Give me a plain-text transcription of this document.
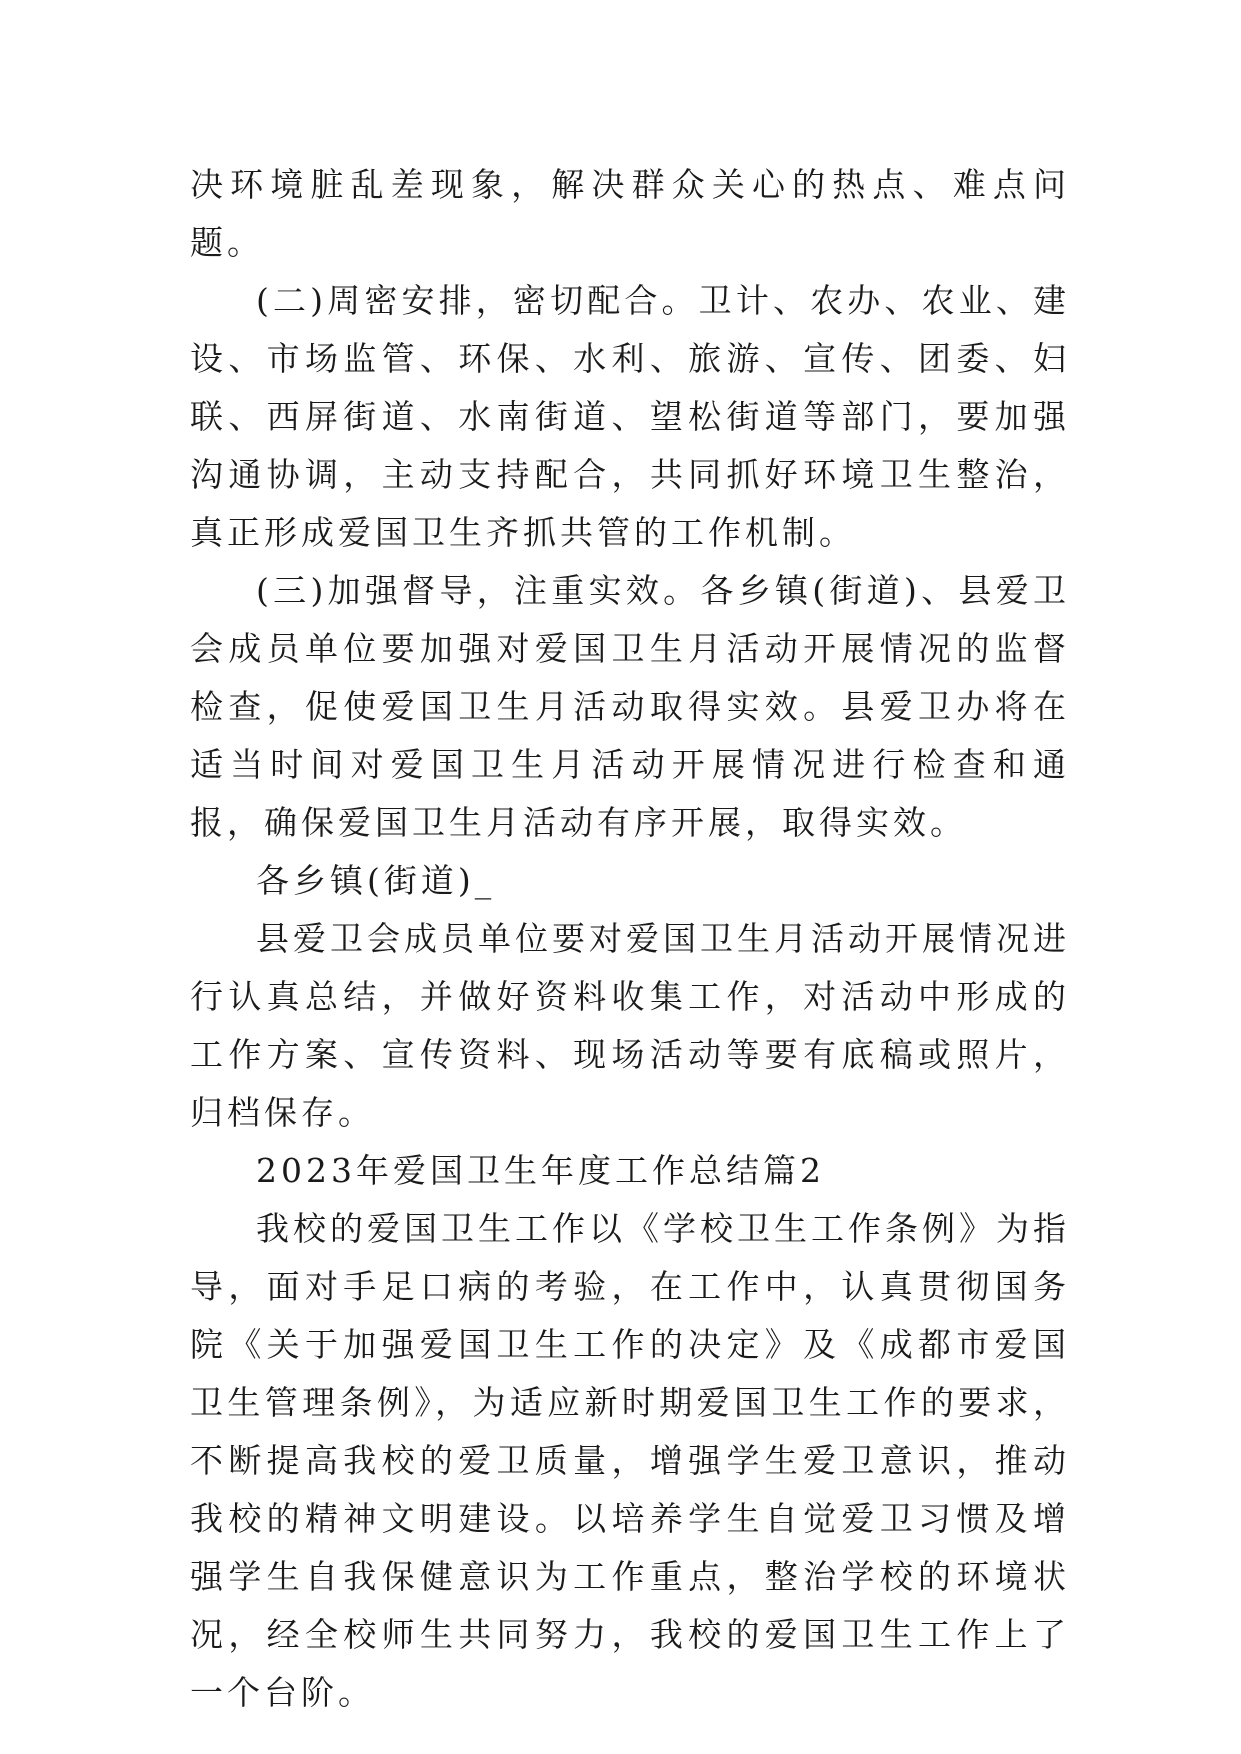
决环境脏乱差现象，解决群众关心的热点、难点问题。

(二)周密安排，密切配合。卫计、农办、农业、建设、市场监管、环保、水利、旅游、宣传、团委、妇联、西屏街道、水南街道、望松街道等部门，要加强沟通协调，主动支持配合，共同抓好环境卫生整治，真正形成爱国卫生齐抓共管的工作机制。

(三)加强督导，注重实效。各乡镇(街道)、县爱卫会成员单位要加强对爱国卫生月活动开展情况的监督检查，促使爱国卫生月活动取得实效。县爱卫办将在适当时间对爱国卫生月活动开展情况进行检查和通报，确保爱国卫生月活动有序开展，取得实效。

各乡镇(街道)_

县爱卫会成员单位要对爱国卫生月活动开展情况进行认真总结，并做好资料收集工作，对活动中形成的工作方案、宣传资料、现场活动等要有底稿或照片，归档保存。

2023年爱国卫生年度工作总结篇2

我校的爱国卫生工作以《学校卫生工作条例》为指导，面对手足口病的考验，在工作中，认真贯彻国务院《关于加强爱国卫生工作的决定》及《成都市爱国卫生管理条例》，为适应新时期爱国卫生工作的要求，不断提高我校的爱卫质量，增强学生爱卫意识，推动我校的精神文明建设。以培养学生自觉爱卫习惯及增强学生自我保健意识为工作重点，整治学校的环境状况，经全校师生共同努力，我校的爱国卫生工作上了一个台阶。
